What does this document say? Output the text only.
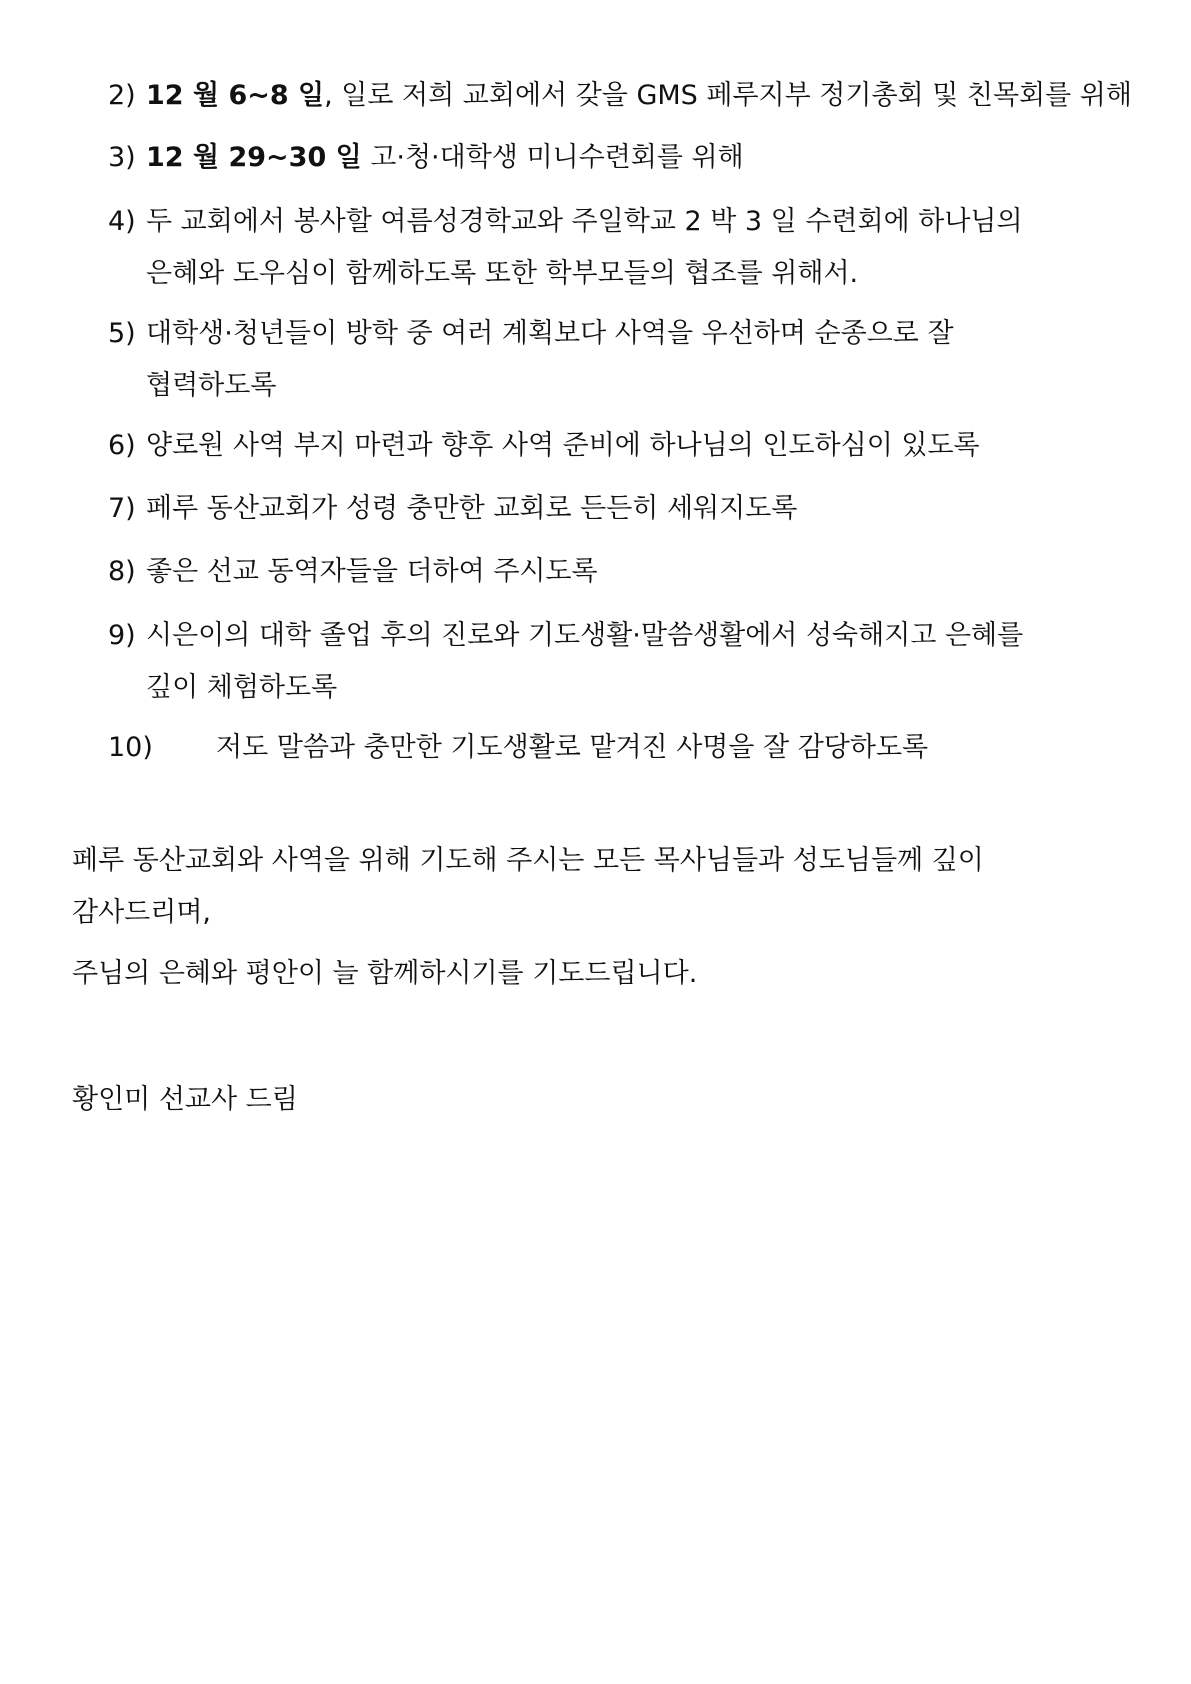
2) 12 월 6~8 일, 일로 저희 교회에서 갖을 GMS 페루지부 정기총회 및 친목회를 위해
3) 12 월 29~30 일 고·청·대학생 미니수련회를 위해
4) 두 교회에서 봉사할 여름성경학교와 주일학교 2 박 3 일 수련회에 하나님의
은혜와 도우심이 함께하도록 또한 학부모들의 협조를 위해서.
5) 대학생·청년들이 방학 중 여러 계획보다 사역을 우선하며 순종으로 잘
협력하도록
6) 양로원 사역 부지 마련과 향후 사역 준비에 하나님의 인도하심이 있도록
7) 페루 동산교회가 성령 충만한 교회로 든든히 세워지도록
8) 좋은 선교 동역자들을 더하여 주시도록
9) 시은이의 대학 졸업 후의 진로와 기도생활·말씀생활에서 성숙해지고 은혜를
깊이 체험하도록
10) 저도 말씀과 충만한 기도생활로 맡겨진 사명을 잘 감당하도록
페루 동산교회와 사역을 위해 기도해 주시는 모든 목사님들과 성도님들께 깊이
감사드리며,
주님의 은혜와 평안이 늘 함께하시기를 기도드립니다.
황인미 선교사 드림
